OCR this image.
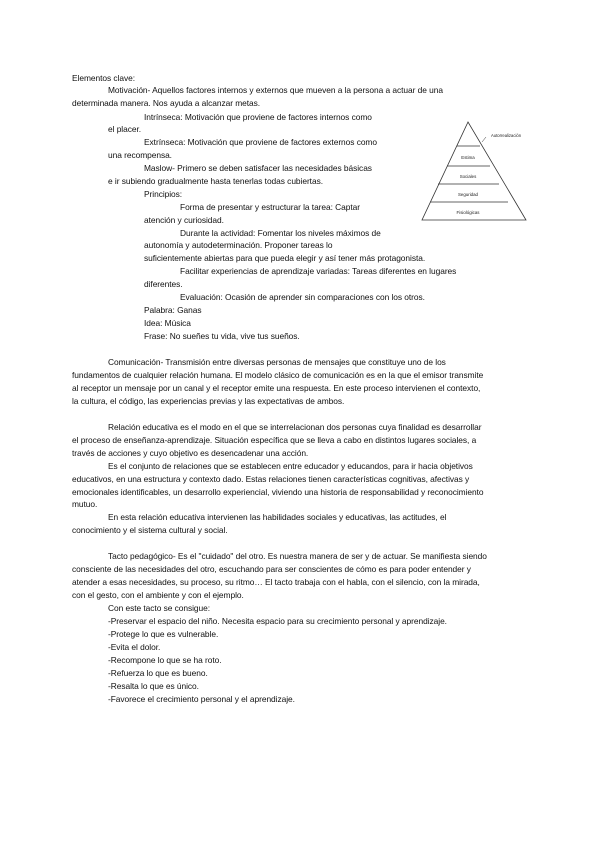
Elementos clave:
Motivación- Aquellos factores internos y externos que mueven a la persona a actuar de una
determinada manera. Nos ayuda a alcanzar metas.
Intrínseca: Motivación que proviene de factores internos como
el placer.
Extrínseca: Motivación que proviene de factores externos como
una recompensa.
Maslow- Primero se deben satisfacer las necesidades básicas
e ir subiendo gradualmente hasta tenerlas todas cubiertas.
Principios:
Forma de presentar y estructurar la tarea: Captar
atención y curiosidad.
Durante la actividad: Fomentar los niveles máximos de
autonomía y autodeterminación. Proponer tareas lo
suficientemente abiertas para que pueda elegir y así tener más protagonista.
Facilitar experiencias de aprendizaje variadas: Tareas diferentes en lugares
diferentes.
Evaluación: Ocasión de aprender sin comparaciones con los otros.
Palabra: Ganas
Idea: Música
Frase: No sueñes tu vida, vive tus sueños.
Autorrealización
Estima
Sociales
Seguridad
Fisiológicas
Comunicación- Transmisión entre diversas personas de mensajes que constituye uno de los
fundamentos de cualquier relación humana. El modelo clásico de comunicación es en la que el emisor transmite
al receptor un mensaje por un canal y el receptor emite una respuesta. En este proceso intervienen el contexto,
la cultura, el código, las experiencias previas y las expectativas de ambos.
Relación educativa es el modo en el que se interrelacionan dos personas cuya finalidad es desarrollar
el proceso de enseñanza-aprendizaje. Situación específica que se lleva a cabo en distintos lugares sociales, a
través de acciones y cuyo objetivo es desencadenar una acción.
Es el conjunto de relaciones que se establecen entre educador y educandos, para ir hacia objetivos
educativos, en una estructura y contexto dado. Estas relaciones tienen características cognitivas, afectivas y
emocionales identificables, un desarrollo experiencial, viviendo una historia de responsabilidad y reconocimiento
mutuo.
En esta relación educativa intervienen las habilidades sociales y educativas, las actitudes, el
conocimiento y el sistema cultural y social.
Tacto pedagógico- Es el "cuidado" del otro. Es nuestra manera de ser y de actuar. Se manifiesta siendo
consciente de las necesidades del otro, escuchando para ser conscientes de cómo es para poder entender y
atender a esas necesidades, su proceso, su ritmo… El tacto trabaja con el habla, con el silencio, con la mirada,
con el gesto, con el ambiente y con el ejemplo.
Con este tacto se consigue:
-Preservar el espacio del niño. Necesita espacio para su crecimiento personal y aprendizaje.
-Protege lo que es vulnerable.
-Evita el dolor.
-Recompone lo que se ha roto.
-Refuerza lo que es bueno.
-Resalta lo que es único.
-Favorece el crecimiento personal y el aprendizaje.
